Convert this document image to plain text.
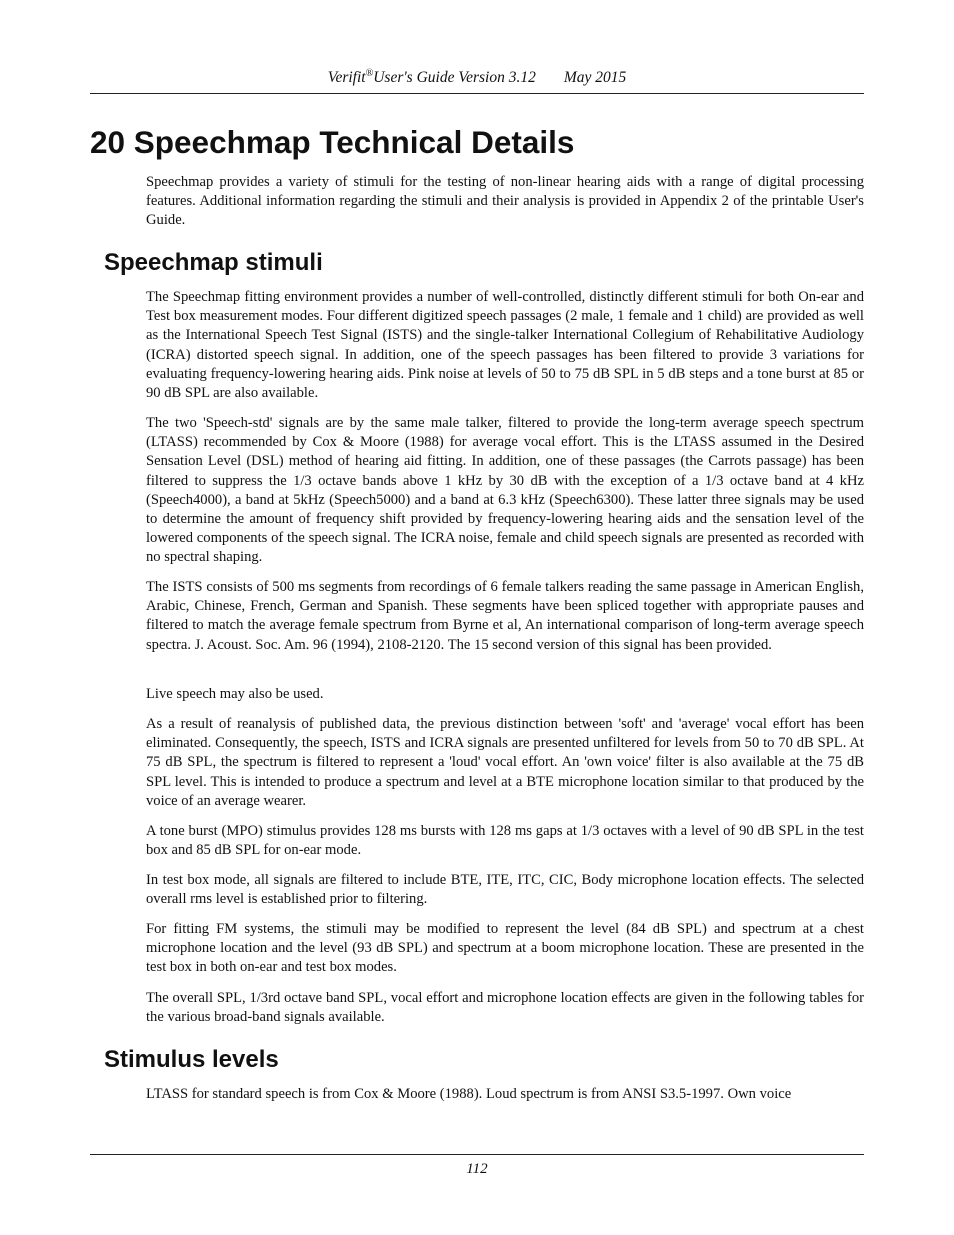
Verifit®User's Guide Version 3.12 May 2015
20 Speechmap Technical Details

Speechmap provides a variety of stimuli for the testing of non-linear hearing aids with a range of digital processing features. Additional information regarding the stimuli and their analysis is provided in Appendix 2 of the printable User's Guide.

Speechmap stimuli

The Speechmap fitting environment provides a number of well-controlled, distinctly different stimuli for both On-ear and Test box measurement modes. Four different digitized speech passages (2 male, 1 female and 1 child) are provided as well as the International Speech Test Signal (ISTS) and the single-talker International Collegium of Rehabilitative Audiology (ICRA) distorted speech signal. In addition, one of the speech passages has been filtered to provide 3 variations for evaluating frequency-lowering hearing aids. Pink noise at levels of 50 to 75 dB SPL in 5 dB steps and a tone burst at 85 or 90 dB SPL are also available.

The two 'Speech-std' signals are by the same male talker, filtered to provide the long-term average speech spectrum (LTASS) recommended by Cox & Moore (1988) for average vocal effort. This is the LTASS assumed in the Desired Sensation Level (DSL) method of hearing aid fitting. In addition, one of these passages (the Carrots passage) has been filtered to suppress the 1/3 octave bands above 1 kHz by 30 dB with the exception of a 1/3 octave band at 4 kHz (Speech4000), a band at 5kHz (Speech5000) and a band at 6.3 kHz (Speech6300). These latter three signals may be used to determine the amount of frequency shift provided by frequency-lowering hearing aids and the sensation level of the lowered components of the speech signal. The ICRA noise, female and child speech signals are presented as recorded with no spectral shaping.

The ISTS consists of 500 ms segments from recordings of 6 female talkers reading the same passage in American English, Arabic, Chinese, French, German and Spanish. These segments have been spliced together with appropriate pauses and filtered to match the average female spectrum from Byrne et al, An international comparison of long-term average speech spectra. J. Acoust. Soc. Am. 96 (1994), 2108-2120. The 15 second version of this signal has been provided.

Live speech may also be used.

As a result of reanalysis of published data, the previous distinction between 'soft' and 'average' vocal effort has been eliminated. Consequently, the speech, ISTS and ICRA signals are presented unfiltered for levels from 50 to 70 dB SPL. At 75 dB SPL, the spectrum is filtered to represent a 'loud' vocal effort. An 'own voice' filter is also available at the 75 dB SPL level. This is intended to produce a spectrum and level at a BTE microphone location similar to that produced by the voice of an average wearer.

A tone burst (MPO) stimulus provides 128 ms bursts with 128 ms gaps at 1/3 octaves with a level of 90 dB SPL in the test box and 85 dB SPL for on-ear mode.

In test box mode, all signals are filtered to include BTE, ITE, ITC, CIC, Body microphone location effects. The selected overall rms level is established prior to filtering.

For fitting FM systems, the stimuli may be modified to represent the level (84 dB SPL) and spectrum at a chest microphone location and the level (93 dB SPL) and spectrum at a boom microphone location. These are presented in the test box in both on-ear and test box modes.

The overall SPL, 1/3rd octave band SPL, vocal effort and microphone location effects are given in the following tables for the various broad-band signals available.

Stimulus levels

LTASS for standard speech is from Cox & Moore (1988). Loud spectrum is from ANSI S3.5-1997. Own voice

112
